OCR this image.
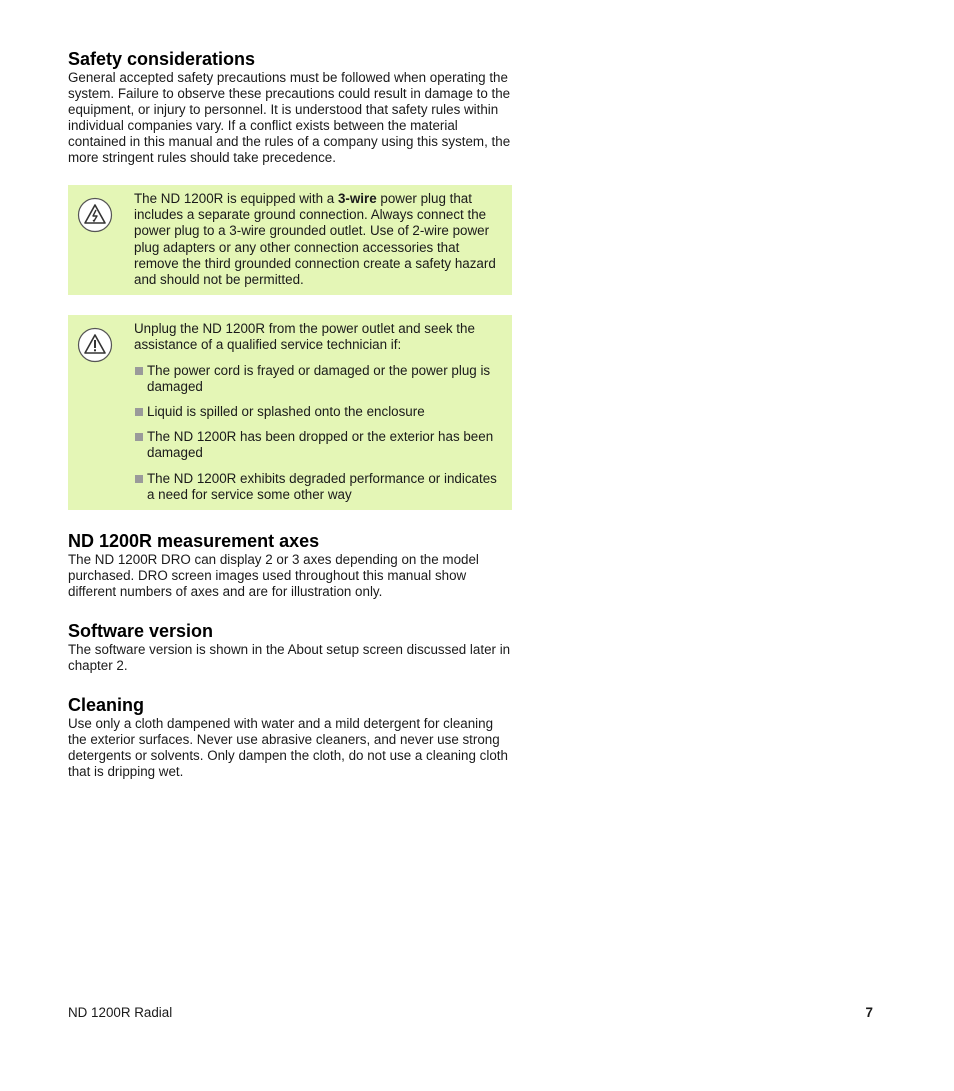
Safety considerations

General accepted safety precautions must be followed when operating the system. Failure to observe these precautions could result in damage to the equipment, or injury to personnel. It is understood that safety rules within individual companies vary. If a conflict exists between the material contained in this manual and the rules of a company using this system, the more stringent rules should take precedence.

The ND 1200R is equipped with a 3-wire power plug that includes a separate ground connection. Always connect the power plug to a 3-wire grounded outlet. Use of 2-wire power plug adapters or any other connection accessories that remove the third grounded connection create a safety hazard and should not be permitted.

Unplug the ND 1200R from the power outlet and seek the assistance of a qualified service technician if:

The power cord is frayed or damaged or the power plug is damaged
Liquid is spilled or splashed onto the enclosure
The ND 1200R has been dropped or the exterior has been damaged
The ND 1200R exhibits degraded performance or indicates a need for service some other way
ND 1200R measurement axes

The ND 1200R DRO can display 2 or 3 axes depending on the model purchased. DRO screen images used throughout this manual show different numbers of axes and are for illustration only.

Software version

The software version is shown in the About setup screen discussed later in chapter 2.

Cleaning

Use only a cloth dampened with water and a mild detergent for cleaning the exterior surfaces. Never use abrasive cleaners, and never use strong detergents or solvents. Only dampen the cloth, do not use a cleaning cloth that is dripping wet.

ND 1200R Radial	7
